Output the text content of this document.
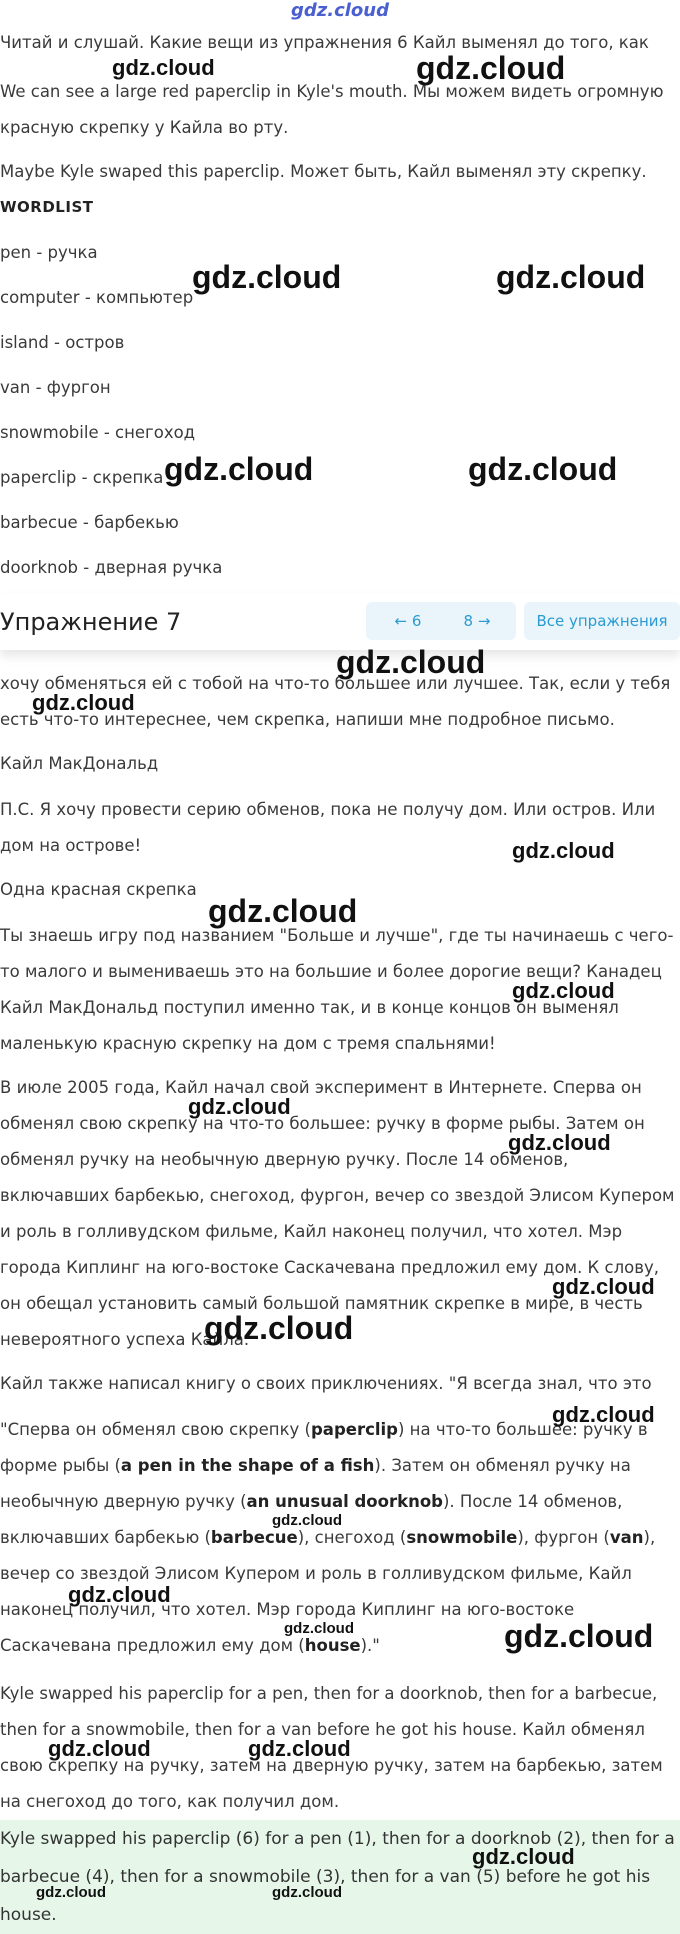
gdz.cloud

Читай и слушай. Какие вещи из упражнения 6 Кайл выменял до того, как

We can see a large red paperclip in Kyle's mouth. Мы можем видеть огромную красную скрепку у Кайла во рту.

Maybe Kyle swaped this paperclip. Может быть, Кайл выменял эту скрепку.

WORDLIST
pen - ручка
computer - компьютер
island - остров
van - фургон
snowmobile - снегоход
paperclip - скрепка
barbecue - барбекью
doorknob - дверная ручка

хочу обменяться ей с тобой на что-то большее или лучшее. Так, если у тебя есть что-то интереснее, чем скрепка, напиши мне подробное письмо.

Кайл МакДональд

П.С. Я хочу провести серию обменов, пока не получу дом. Или остров. Или дом на острове!

Одна красная скрепка

Ты знаешь игру под названием "Больше и лучше", где ты начинаешь с чего-то малого и вымениваешь это на бoльшие и более дорогие вещи? Канадец Кайл МакДональд поступил именно так, и в конце концов он выменял маленькую красную скрепку на дом с тремя спальнями!

В июле 2005 года, Кайл начал свой эксперимент в Интернете. Сперва он обменял свою скрепку на что-то большее: ручку в форме рыбы. Затем он обменял ручку на необычную дверную ручку. После 14 обменов, включавших барбекью, снегоход, фургон, вечер со звездой Элисом Купером и роль в голливудском фильме, Кайл наконец получил, что хотел. Мэр города Киплинг на юго-востоке Саскачевана предложил ему дом. К слову, он обещал установить самый большой памятник скрепке в мире, в честь невероятного успеха Кайла.

Кайл также написал книгу о своих приключениях. "Я всегда знал, что это

"Сперва он обменял свою скрепку (paperclip) на что-то большее: ручку в форме рыбы (a pen in the shape of a fish). Затем он обменял ручку на необычную дверную ручку (an unusual doorknob). После 14 обменов, включавших барбекью (barbecue), снегоход (snowmobile), фургон (van), вечер со звездой Элисом Купером и роль в голливудском фильме, Кайл наконец получил, что хотел. Мэр города Киплинг на юго-востоке Саскачевана предложил ему дом (house)."

Kyle swapped his paperclip for a pen, then for a doorknob, then for a barbecue, then for a snowmobile, then for a van before he got his house. Кайл обменял свою скрепку на ручку, затем на дверную ручку, затем на барбекью, затем на снегоход до того, как получил дом.

Kyle swapped his paperclip (6) for a pen (1), then for a doorknob (2), then for a barbecue (4), then for a snowmobile (3), then for a van (5) before he got his house.
Упражнение 7	← 6	8 →	Все упражнения
gdz.cloud	gdz.cloud
gdz.cloud	gdz.cloud
gdz.cloud	gdz.cloud
gdz.cloud
gdz.cloud
gdz.cloud
gdz.cloud
gdz.cloud
gdz.cloud
gdz.cloud
gdz.cloud
gdz.cloud
gdz.cloud
gdz.cloud
gdz.cloud
gdz.cloud	gdz.cloud
gdz.cloud	gdz.cloud
gdz.cloud
gdz.cloud	gdz.cloud
